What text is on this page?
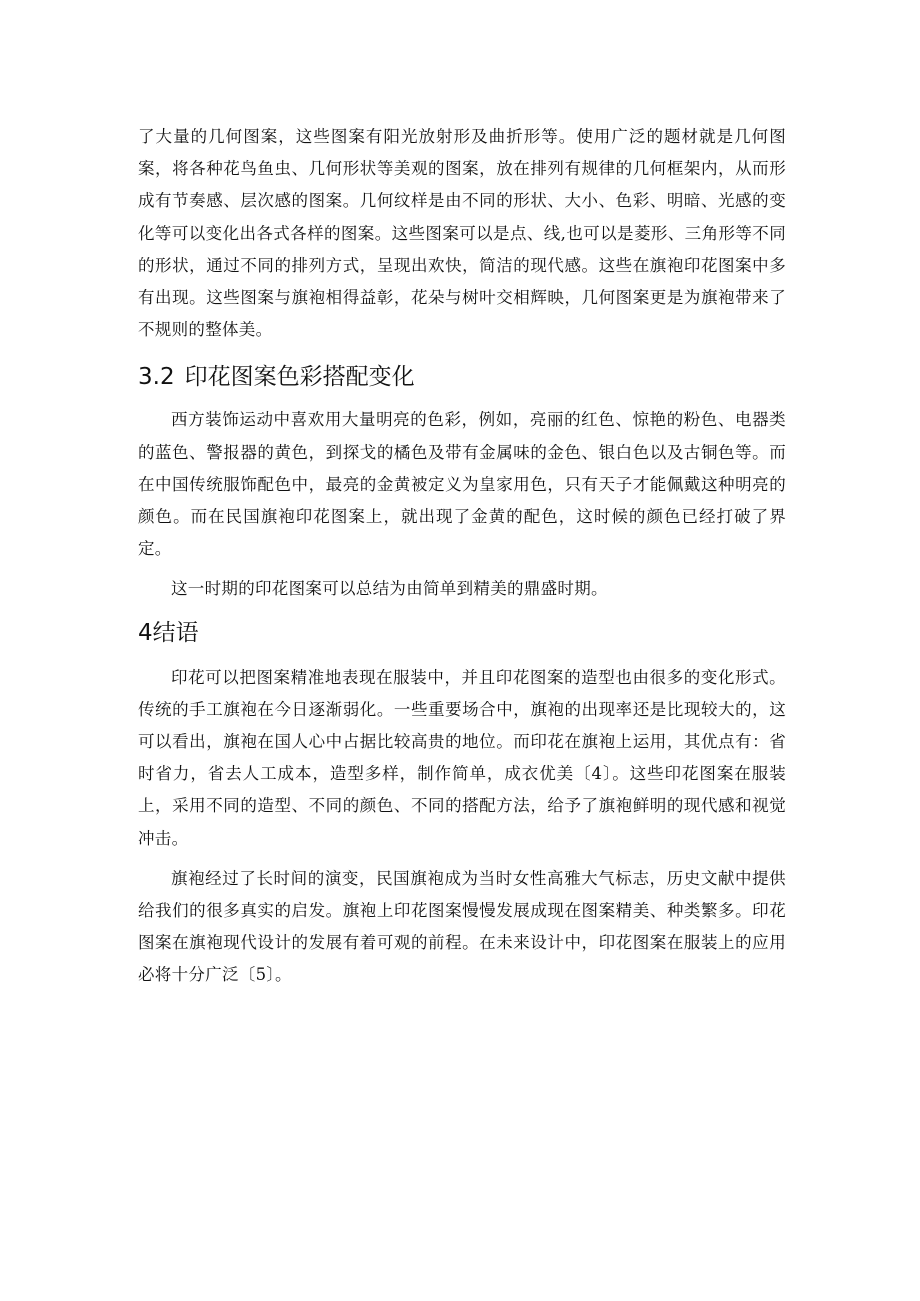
了大量的几何图案，这些图案有阳光放射形及曲折形等。使用广泛的题材就是几何图案，将各种花鸟鱼虫、几何形状等美观的图案，放在排列有规律的几何框架内，从而形成有节奏感、层次感的图案。几何纹样是由不同的形状、大小、色彩、明暗、光感的变化等可以变化出各式各样的图案。这些图案可以是点、线,也可以是菱形、三角形等不同的形状，通过不同的排列方式，呈现出欢快，简洁的现代感。这些在旗袍印花图案中多有出现。这些图案与旗袍相得益彰，花朵与树叶交相辉映，几何图案更是为旗袍带来了不规则的整体美。

3.2 印花图案色彩搭配变化

西方装饰运动中喜欢用大量明亮的色彩，例如，亮丽的红色、惊艳的粉色、电器类的蓝色、警报器的黄色，到探戈的橘色及带有金属味的金色、银白色以及古铜色等。而在中国传统服饰配色中，最亮的金黄被定义为皇家用色，只有天子才能佩戴这种明亮的颜色。而在民国旗袍印花图案上，就出现了金黄的配色，这时候的颜色已经打破了界定。

这一时期的印花图案可以总结为由简单到精美的鼎盛时期。

4结语

印花可以把图案精准地表现在服装中，并且印花图案的造型也由很多的变化形式。传统的手工旗袍在今日逐渐弱化。一些重要场合中，旗袍的出现率还是比现较大的，这可以看出，旗袍在国人心中占据比较高贵的地位。而印花在旗袍上运用，其优点有：省时省力，省去人工成本，造型多样，制作简单，成衣优美〔4〕。这些印花图案在服装上，采用不同的造型、不同的颜色、不同的搭配方法，给予了旗袍鲜明的现代感和视觉冲击。

旗袍经过了长时间的演变，民国旗袍成为当时女性高雅大气标志，历史文献中提供给我们的很多真实的启发。旗袍上印花图案慢慢发展成现在图案精美、种类繁多。印花图案在旗袍现代设计的发展有着可观的前程。在未来设计中，印花图案在服装上的应用必将十分广泛〔5〕。
